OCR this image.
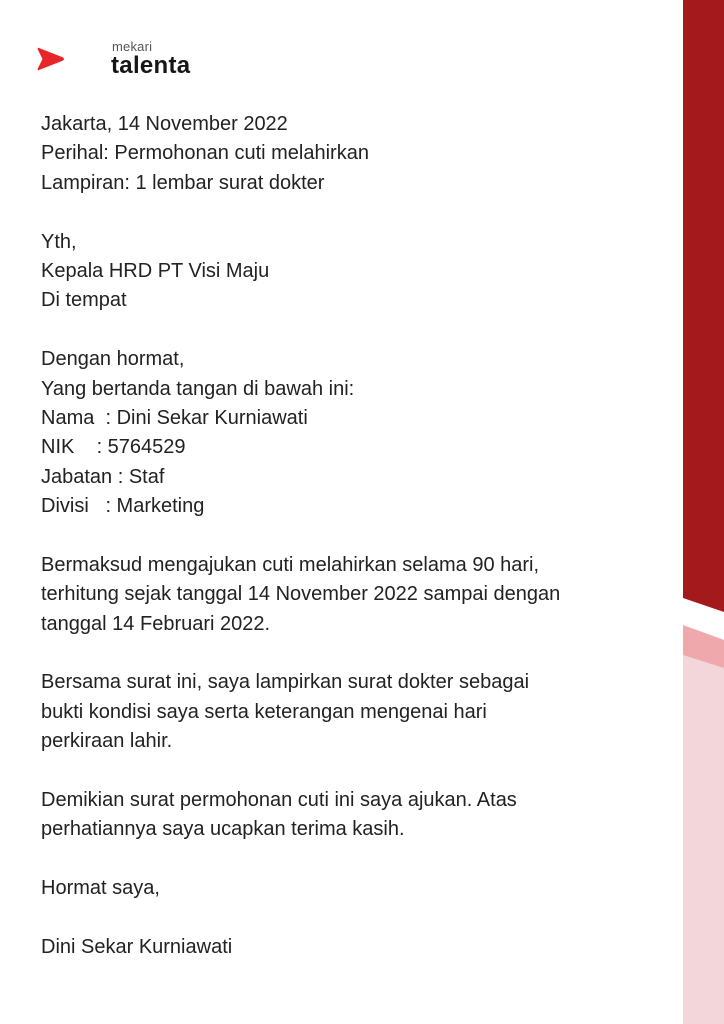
mekari
talenta
Jakarta, 14 November 2022
Perihal: Permohonan cuti melahirkan
Lampiran: 1 lembar surat dokter
Yth,
Kepala HRD PT Visi Maju
Di tempat
Dengan hormat,
Yang bertanda tangan di bawah ini:
Nama  : Dini Sekar Kurniawati
NIK    : 5764529
Jabatan : Staf
Divisi   : Marketing
Bermaksud mengajukan cuti melahirkan selama 90 hari,
terhitung sejak tanggal 14 November 2022 sampai dengan
tanggal 14 Februari 2022.
Bersama surat ini, saya lampirkan surat dokter sebagai
bukti kondisi saya serta keterangan mengenai hari
perkiraan lahir.
Demikian surat permohonan cuti ini saya ajukan. Atas
perhatiannya saya ucapkan terima kasih.
Hormat saya,
Dini Sekar Kurniawati
